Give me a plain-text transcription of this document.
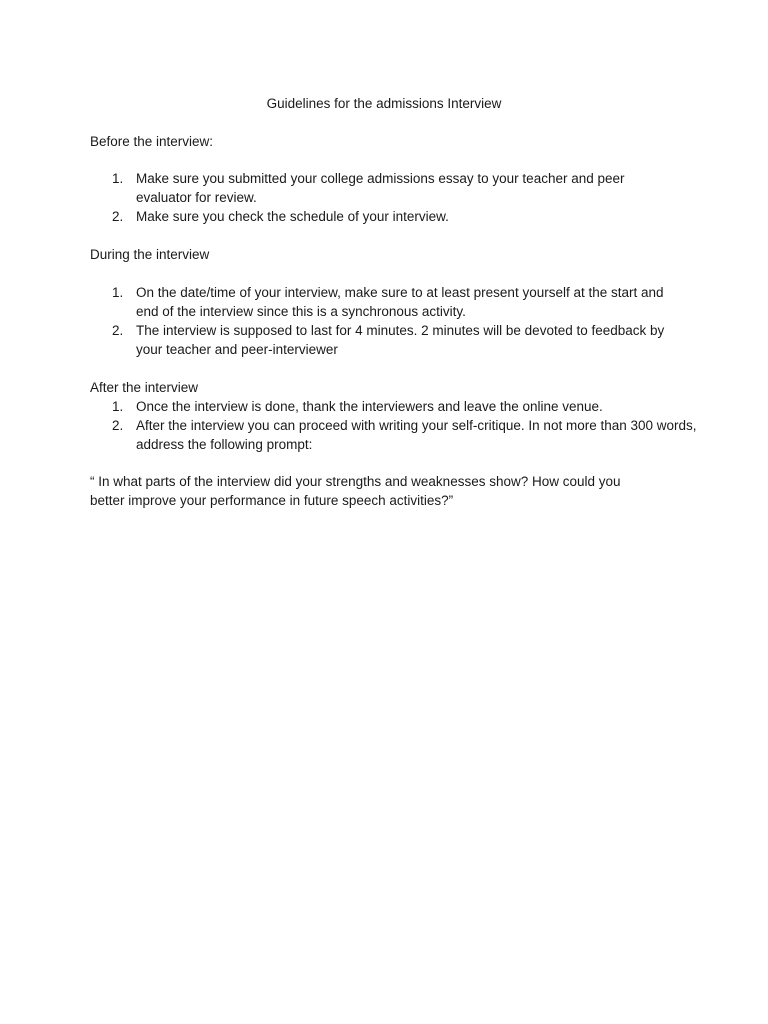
Guidelines for the admissions Interview

Before the interview:

1. Make sure you submitted your college admissions essay to your teacher and peer evaluator for review.
2. Make sure you check the schedule of your interview.

During the interview

1. On the date/time of your interview, make sure to at least present yourself at the start and end of the interview since this is a synchronous activity.
2. The interview is supposed to last for 4 minutes. 2 minutes will be devoted to feedback by your teacher and peer-interviewer

After the interview

1. Once the interview is done, thank the interviewers and leave the online venue.
2. After the interview you can proceed with writing your self-critique. In not more than 300 words, address the following prompt:

“ In what parts of the interview did your strengths and weaknesses show? How could you better improve your performance in future speech activities?”
